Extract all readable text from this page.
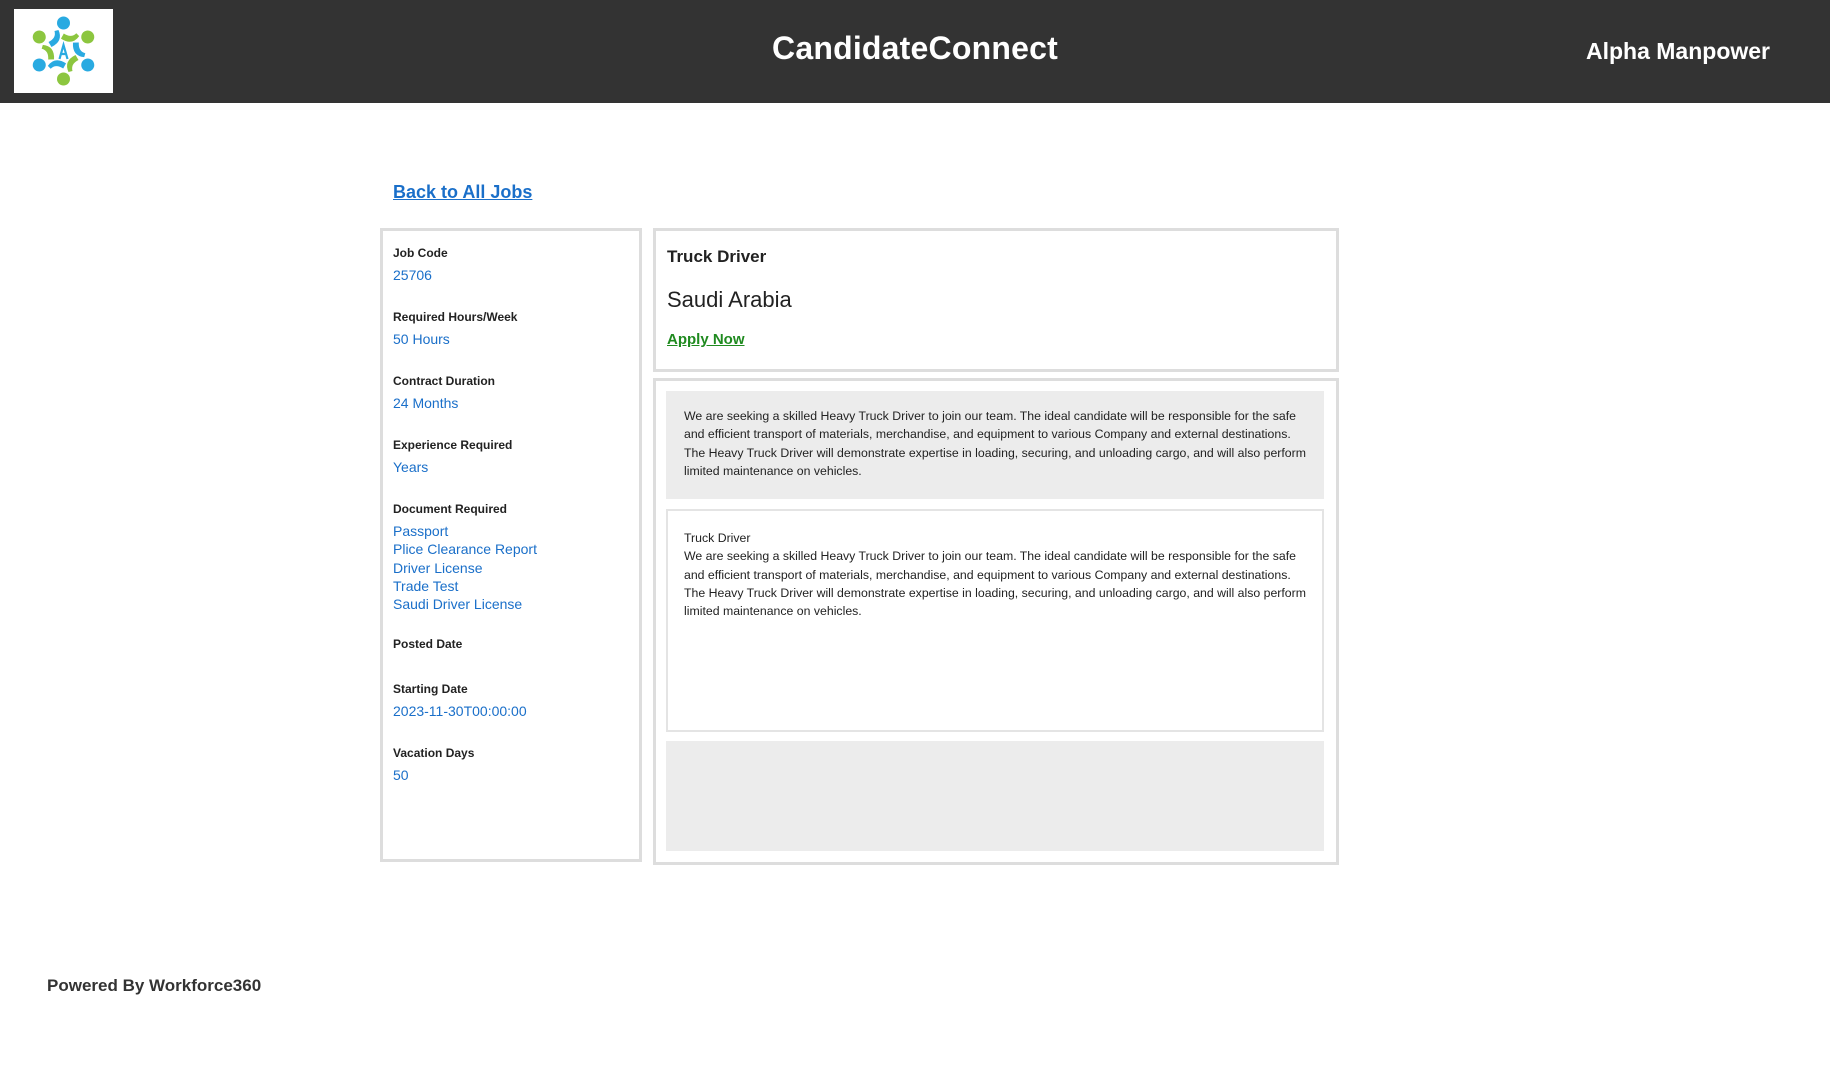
CandidateConnect	Alpha Manpower
Back to All Jobs
Job Code
25706
Required Hours/Week
50 Hours
Contract Duration
24 Months
Experience Required
Years
Document Required
Passport
Plice Clearance Report
Driver License
Trade Test
Saudi Driver License
Posted Date
Starting Date
2023-11-30T00:00:00
Vacation Days
50
Truck Driver
Saudi Arabia
Apply Now
We are seeking a skilled Heavy Truck Driver to join our team. The ideal candidate will be responsible for the safe and efficient transport of materials, merchandise, and equipment to various Company and external destinations. The Heavy Truck Driver will demonstrate expertise in loading, securing, and unloading cargo, and will also perform limited maintenance on vehicles.
Truck Driver
We are seeking a skilled Heavy Truck Driver to join our team. The ideal candidate will be responsible for the safe and efficient transport of materials, merchandise, and equipment to various Company and external destinations. The Heavy Truck Driver will demonstrate expertise in loading, securing, and unloading cargo, and will also perform limited maintenance on vehicles.
Powered By Workforce360
